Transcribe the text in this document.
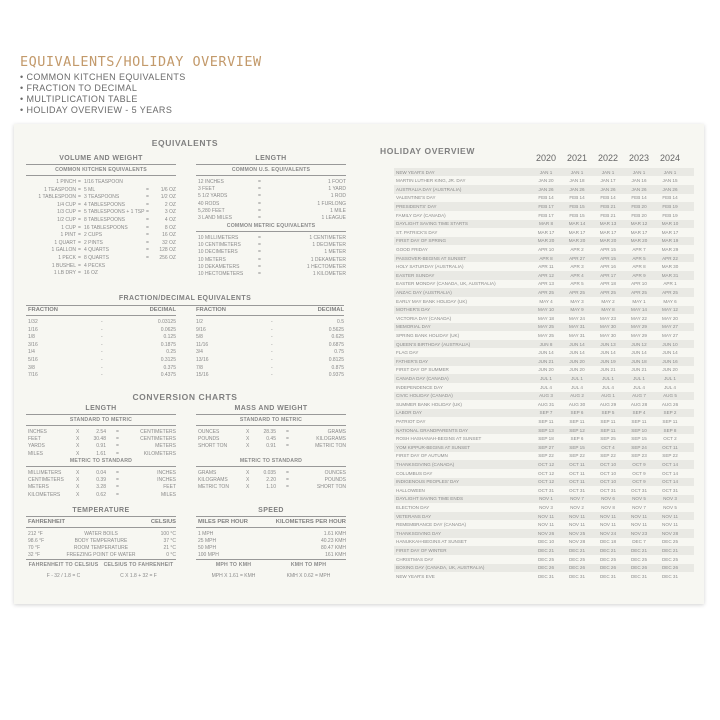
EQUIVALENTS/HOLIDAY OVERVIEW
• COMMON KITCHEN EQUIVALENTS
• FRACTION TO DECIMAL
• MULTIPLICATION TABLE
• HOLIDAY OVERVIEW - 5 YEARS
EQUIVALENTS
VOLUME AND WEIGHT
COMMON KITCHEN EQUIVALENTS
1 PINCH = 1/16 TEASPOON
1 TEASPOON = 5 ML	=	1/6 OZ
1 TABLESPOON = 3 TEASPOONS	=	1/2 OZ
1/4 CUP = 4 TABLESPOONS	=	2 OZ
1/3 CUP = 5 TABLESPOONS + 1 TSP =	3 OZ
1/2 CUP = 8 TABLESPOONS	=	4 OZ
1 CUP = 16 TABLESPOONS	=	8 OZ
1 PINT = 2 CUPS	=	16 OZ
1 QUART = 2 PINTS	=	32 OZ
1 GALLON = 4 QUARTS	=	128 OZ
1 PECK = 8 QUARTS	=	256 OZ
1 BUSHEL = 4 PECKS
1 LB DRY = 16 OZ
LENGTH
COMMON U.S. EQUIVALENTS
12 INCHES	=	1 FOOT
3 FEET	=	1 YARD
5 1/2 YARDS	=	1 ROD
40 RODS	=	1 FURLONG
5,280 FEET	=	1 MILE
3 LAND MILES	=	1 LEAGUE
COMMON METRIC EQUIVALENTS
10 MILLIMETERS	=	1 CENTIMETER
10 CENTIMETERS	=	1 DECIMETER
10 DECIMETERS	=	1 METER
10 METERS	=	1 DEKAMETER
10 DEKAMETERS	=	1 HECTOMETER
10 HECTOMETERS	=	1 KILOMETER
FRACTION/DECIMAL EQUIVALENTS
FRACTION	DECIMAL	FRACTION	DECIMAL
1/32	0.03125	1/2	0.5
1/16	0.0625	9/16	0.5625
1/8	0.125	5/8	0.625
3/16	0.1875	11/16	0.6875
1/4	0.25	3/4	0.75
5/16	0.3125	13/16	0.8125
3/8	0.375	7/8	0.875
7/16	0.4375	15/16	0.9375
-
-
-
-
-
-
-
-
-
-
-
-
-
-
-
-
CONVERSION CHARTS
LENGTH
STANDARD TO METRIC
INCHES	X	2.54 =	CENTIMETERS
FEET	X	30.48 =	CENTIMETERS
YARDS	X	0.91 =	METERS
MILES	X	1.61 =	KILOMETERS
METRIC TO STANDARD
MILLIMETERS	X	0.04 =	INCHES
CENTIMETERS X	0.39 =	INCHES
METERS	X	3.28 =	FEET
KILOMETERS	X	0.62 =	MILES
MASS AND WEIGHT
STANDARD TO METRIC
OUNCES	X	28.35 =	GRAMS
POUNDS	X	0.45 =	KILOGRAMS
SHORT TON	X	0.91 =	METRIC TON
METRIC TO STANDARD
GRAMS	X	0.035 =	OUNCES
KILOGRAMS	X	2.20 =	POUNDS
METRIC TON	X	1.10 =	SHORT TON
TEMPERATURE
FAHRENHEIT	CELSIUS
212 °F	WATER BOILS	100 °C
98.6 °F	BODY TEMPERATURE	37 °C
70 °F	ROOM TEMPERATURE	21 °C
32 °F	FREEZING POINT OF WATER	0 °C
FAHRENHEIT TO CELSIUS CELSIUS TO FAHRENHEIT
F - 32 / 1.8 = C	C X 1.8 + 32 = F
SPEED
MILES PER HOUR	KILOMETERS PER HOUR
1 MPH	1.61 KMH
25 MPH	40.23 KMH
50 MPH	80.47 KMH
100 MPH	161 KMH
MPH TO KMH	KMH TO MPH
MPH X 1.61 = KMH	KMH X 0.62 = MPH
HOLIDAY OVERVIEW
2020	2021	2022	2023	2024
NEW YEAR'S DAY	JAN 1	JAN 1	JAN 1	JAN 1	JAN 1
MARTIN LUTHER KING, JR. DAY	JAN 20	JAN 18	JAN 17	JAN 16	JAN 15
AUSTRALIA DAY (AUSTRALIA)	JAN 26	JAN 26	JAN 26	JAN 26	JAN 26
VALENTINE'S DAY	FEB 14	FEB 14	FEB 14	FEB 14	FEB 14
PRESIDENTS' DAY	FEB 17	FEB 15	FEB 21	FEB 20	FEB 19
FAMILY DAY (CANADA)	FEB 17	FEB 15	FEB 21	FEB 20	FEB 19
DAYLIGHT SAVING TIME STARTS	MAR 8	MAR 14	MAR 13	MAR 12	MAR 10
ST. PATRICK'S DAY	MAR 17	MAR 17	MAR 17	MAR 17	MAR 17
FIRST DAY OF SPRING	MAR 20	MAR 20	MAR 20	MAR 20	MAR 19
GOOD FRIDAY	APR 10	APR 2	APR 15	APR 7	MAR 29
PASSOVER-BEGINS AT SUNSET	APR 8	APR 27	APR 15	APR 5	APR 22
HOLY SATURDAY (AUSTRALIA)	APR 11	APR 3	APR 16	APR 8	MAR 30
EASTER SUNDAY	APR 12	APR 4	APR 17	APR 9	MAR 31
EASTER MONDAY (CANADA, UK, AUSTRALIA)	APR 13	APR 5	APR 18	APR 10	APR 1
ANZAC DAY (AUSTRALIA)	APR 25	APR 25	APR 25	APR 25	APR 25
EARLY MAY BANK HOLIDAY (UK)	MAY 4	MAY 3	MAY 2	MAY 1	MAY 6
MOTHER'S DAY	MAY 10	MAY 9	MAY 8	MAY 14	MAY 12
VICTORIA DAY (CANADA)	MAY 18	MAY 24	MAY 23	MAY 22	MAY 20
MEMORIAL DAY	MAY 25	MAY 31	MAY 30	MAY 29	MAY 27
SPRING BANK HOLIDAY (UK)	MAY 25	MAY 31	MAY 30	MAY 29	MAY 27
QUEEN'S BIRTHDAY (AUSTRALIA)	JUN 8	JUN 14	JUN 13	JUN 12	JUN 10
FLAG DAY	JUN 14	JUN 14	JUN 14	JUN 14	JUN 14
FATHER'S DAY	JUN 21	JUN 20	JUN 19	JUN 18	JUN 16
FIRST DAY OF SUMMER	JUN 20	JUN 20	JUN 21	JUN 21	JUN 20
CANADA DAY (CANADA)	JUL 1	JUL 1	JUL 1	JUL 1	JUL 1
INDEPENDENCE DAY	JUL 4	JUL 4	JUL 4	JUL 4	JUL 4
CIVIC HOLIDAY (CANADA)	AUG 3	AUG 2	AUG 1	AUG 7	AUG 5
SUMMER BANK HOLIDAY (UK)	AUG 31	AUG 30	AUG 29	AUG 28	AUG 26
LABOR DAY	SEP 7	SEP 6	SEP 5	SEP 4	SEP 2
PATRIOT DAY	SEP 11	SEP 11	SEP 11	SEP 11	SEP 11
NATIONAL GRANDPARENTS DAY	SEP 13	SEP 12	SEP 11	SEP 10	SEP 8
ROSH HASHANAH-BEGINS AT SUNSET	SEP 18	SEP 6	SEP 25	SEP 15	OCT 2
YOM KIPPUR-BEGINS AT SUNSET	SEP 27	SEP 15	OCT 4	SEP 24	OCT 11
FIRST DAY OF AUTUMN	SEP 22	SEP 22	SEP 22	SEP 23	SEP 22
THANKSGIVING (CANADA)	OCT 12	OCT 11	OCT 10	OCT 9	OCT 14
COLUMBUS DAY	OCT 12	OCT 11	OCT 10	OCT 9	OCT 14
INDIGENOUS PEOPLES' DAY	OCT 12	OCT 11	OCT 10	OCT 9	OCT 14
HALLOWEEN	OCT 31	OCT 31	OCT 31	OCT 31	OCT 31
DAYLIGHT SAVING TIME ENDS	NOV 1	NOV 7	NOV 6	NOV 5	NOV 3
ELECTION DAY	NOV 3	NOV 2	NOV 8	NOV 7	NOV 5
VETERANS DAY	NOV 11	NOV 11	NOV 11	NOV 11	NOV 11
REMEMBRANCE DAY (CANADA)	NOV 11	NOV 11	NOV 11	NOV 11	NOV 11
THANKSGIVING DAY	NOV 26	NOV 25	NOV 24	NOV 23	NOV 28
HANUKKAH-BEGINS AT SUNSET	DEC 10	NOV 28	DEC 18	DEC 7	DEC 25
FIRST DAY OF WINTER	DEC 21	DEC 21	DEC 21	DEC 21	DEC 21
CHRISTMAS DAY	DEC 25	DEC 25	DEC 25	DEC 25	DEC 25
BOXING DAY (CANADA, UK, AUSTRALIA)	DEC 26	DEC 26	DEC 26	DEC 26	DEC 26
NEW YEAR'S EVE	DEC 31	DEC 31	DEC 31	DEC 31	DEC 31
